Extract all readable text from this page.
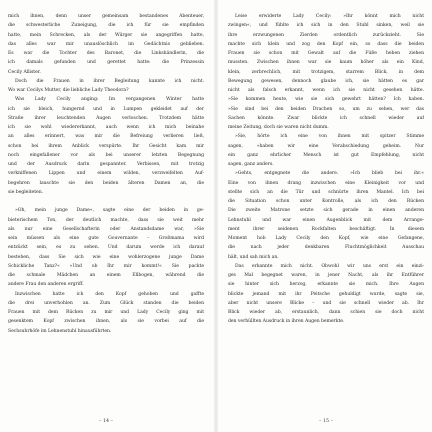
mich ihnen, denn unser gemeinsam bestandenes Abenteuer,
die schwesterliche Zuneigung, die ich für sie empfinden
hatte, mein Schrecken, als der Würger sie angegriffen hatte,
das alles war mir unauslöschlich im Gedächtnis geblieben.
Es war die Tochter des Baronet, die Linkshändlerin, die
ich damals gefunden und gerettet hatte: die Prinzessin
Cecily Allister.
Doch die Frauen in ihrer Begleitung kannte ich nicht.
Wo war Cecilys Mutter, die liebliche Lady Theodora?
Was Lady Cecily anging: Im vergangenen Winter hatte
ich sie bleich, hungernd und in Lumpen gekleidet auf der
Straße ihrer leuchtenden Augen verloschen. Trotzdem hätte
ich sie wohl wiedererkannt, auch wenn ich mich beinahe
an alles erinnert, was mir die Befreiung verlieren ließ,
schon bei ihrem Anblick verspürte. Ihr Gesicht kam mir
noch eingefallener vor als bei unserer letzten Begegnung
und der Ausdruck darin gespannter. Verbissen, mit trotzig
verkniffenen Lippen und einem wilden, verzweifelten Auf-
begehren lauschte sie den beiden älteren Damen an, die
sie begleiteten.
»Oh, mein junge Dame«, sagte eine der beiden in ge-
bieterischem Ton, der deutlich machte, dass sie weit mehr
als nur eine Gesellschafterin oder Anstandsdame war, »Sie
sein müssen als eine gute Gouvernante – Großmama wird
entzückt sein, es zu sehen. Und darum werde ich darauf
bestehen, dass Sie sich wie eine wohlerzogene junge Dame
Schickliche Tanz?« »Und ob Ihr mir kommt!« Sie packte
die schmale Mädchen an einem Ellbogen, während die
andere Frau den anderen ergriff.
Inzwischen hatte ich den Kopf gehoben und gaffte
die drei unverhohlen an. Zum Glück standen die beiden
Frauen mit dem Rücken zu mir und Lady Cecily ging mit
gesenktem Kopf zwischen ihnen, als sie vorbei auf die
Sechsuhrhöfe im Lehnenstuhl hinausführten.
– 14 –
Leise erwiderte Lady Cecily: »Ihr könnt mich nicht
zwingen«, und fühlte ich sich in den Stuhl sinken, weil sie
ihre erzwungenen Zierden ordentlich zurückzieht. Sie
machte sich klein und zog den Kopf ein, so dass die beiden
Frauen sie schon mit Gewalt auf die Füße heben ziehen
mussten. Zwischen ihnen war sie kaum höher als ein Kind,
klein, zerbrechlich, mit trotzigem, starrem Blick, in dem
Bewegung gewesen, dennoch glaube ich, sie hätten es gar
nicht als falsch erkannt, wenn ich sie nicht gesehen hätte.
»Sie kommen heute, wie sie sich gewehrt hätten? Ich haben.
»Sie sind bei den beiden Drachen so, um zu sehen, wer das
Sachen könnte. Zwar blickte ich schnell wieder auf
meine Zeitung, doch sie waren nicht dumm.
»Sie, hörte ich eine von ihnen mit spitzer Stimme
sagen, »haben wir eine Verabschiedung geheim. Nur
ein ganz ehrlicher Mensch ist gut Empfehlung, nicht
sagen, ganz anders.
»Gehts, entgegnete die andere. »Ich blieb bei ihr.«
Eine von ihnen drang inzwischen eine Kleinigkeit vor und
stellte sich an die Tür und schnürte ihren Mantel. Ich bei
die Situation schon unter Kontrolle, als ich den Rücken
Die zweite Matrone setzte sich gerade in einen anderen
Lehnstuhl und war einen Augenblick mit dem Arrange-
ment ihrer seidenen Rockfalten beschäftigt. In diesem
Moment hob Lady Cecily den Kopf, wie eine Gefangene,
die nach jeder denkbaren Fluchtmöglichkeit Ausschau
hält, und sah mich an.
Das erkannte mich nicht. Obwohl wir uns erst ein einzi-
ges Mal begegnet waren, in jener Nacht, als ihr Entführer
sie hinter sich herzog, erkannte sie mich. Ihre Augen
blickte jemand mit ihr Peitsche gehuldigt wurde, sagte sie,
aber nicht unsere Blicke – und sie schnell wieder ab. Ihr
Blick wieder ab, erstaunlich, dann schien sie doch nicht
den verhüllten Ausdruck in ihren Augen bemerkte.
– 15 –
